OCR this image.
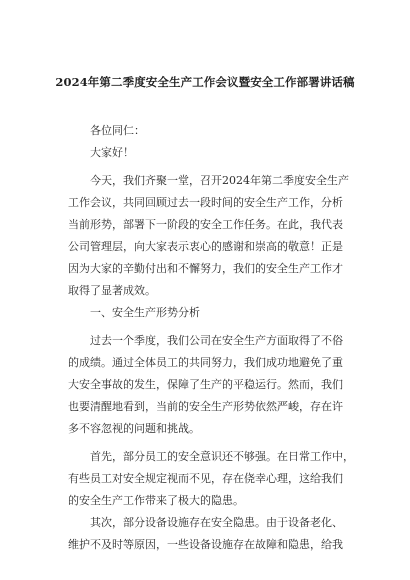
2024年第二季度安全生产工作会议暨安全工作部署讲话稿
各位同仁：
大家好！
今天，我们齐聚一堂，召开2024年第二季度安全生产
工作会议，共同回顾过去一段时间的安全生产工作，分析
当前形势，部署下一阶段的安全工作任务。在此，我代表
公司管理层，向大家表示衷心的感谢和崇高的敬意！正是
因为大家的辛勤付出和不懈努力，我们的安全生产工作才
取得了显著成效。
一、安全生产形势分析
过去一个季度，我们公司在安全生产方面取得了不俗
的成绩。通过全体员工的共同努力，我们成功地避免了重
大安全事故的发生，保障了生产的平稳运行。然而，我们
也要清醒地看到，当前的安全生产形势依然严峻，存在许
多不容忽视的问题和挑战。
首先，部分员工的安全意识还不够强。在日常工作中，
有些员工对安全规定视而不见，存在侥幸心理，这给我们
的安全生产工作带来了极大的隐患。
其次，部分设备设施存在安全隐患。由于设备老化、
维护不及时等原因，一些设备设施存在故障和隐患，给我
